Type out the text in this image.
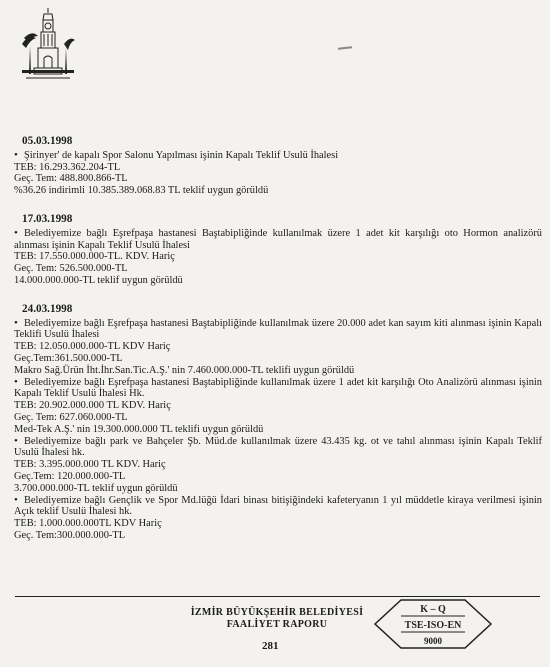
05.03.1998
• Şirinyer' de kapalı Spor Salonu Yapılması işinin Kapalı Teklif Usulü İhalesi
TEB: 16.293.362.204-TL
Geç. Tem: 488.800.866-TL
%36.26 indirimli 10.385.389.068.83 TL teklif uygun görüldü
17.03.1998
• Belediyemize bağlı Eşrefpaşa hastanesi Baştabipliğinde kullanılmak üzere 1 adet kit karşılığı oto Hormon analizörü alınması işinin Kapalı Teklif Usulü İhalesi
TEB: 17.550.000.000-TL. KDV. Hariç
Geç. Tem: 526.500.000-TL
14.000.000.000-TL teklif uygun görüldü
24.03.1998
• Belediyemize bağlı Eşrefpaşa hastanesi Baştabipliğinde kullanılmak üzere 20.000 adet kan sayım kiti alınması işinin Kapalı Teklifi Usulü İhalesi
TEB: 12.050.000.000-TL KDV Hariç
Geç.Tem:361.500.000-TL
Makro Sağ.Ürün İht.İhr.San.Tic.A.Ş.' nin 7.460.000.000-TL teklifi uygun görüldü
• Belediyemize bağlı Eşrefpaşa hastanesi Baştabipliğinde kullanılmak üzere 1 adet kit karşılığı Oto Analizörü alınması işinin Kapalı Teklif Usulü İhalesi Hk.
TEB: 20.902.000.000 TL KDV. Hariç
Geç. Tem: 627.060.000-TL
Med-Tek A.Ş.' nin 19.300.000.000 TL teklifi uygun görüldü
• Belediyemize bağlı park ve Bahçeler Şb. Müd.de kullanılmak üzere 43.435 kg. ot ve tahıl alınması işinin Kapalı Teklif Usulü İhalesi hk.
TEB: 3.395.000.000 TL KDV. Hariç
Geç.Tem: 120.000.000-TL
3.700.000.000-TL teklif uygun görüldü
• Belediyemize bağlı Gençlik ve Spor Md.lüğü İdari binası bitişiğindeki kafeteryanın 1 yıl müddetle kiraya verilmesi işinin Açık teklif Usulü İhalesi hk.
TEB: 1.000.000.000TL KDV Hariç
Geç. Tem:300.000.000-TL
İZMİR BÜYÜKŞEHİR BELEDİYESİ
FAALİYET RAPORU
281
K – Q
TSE-ISO-EN
9000
